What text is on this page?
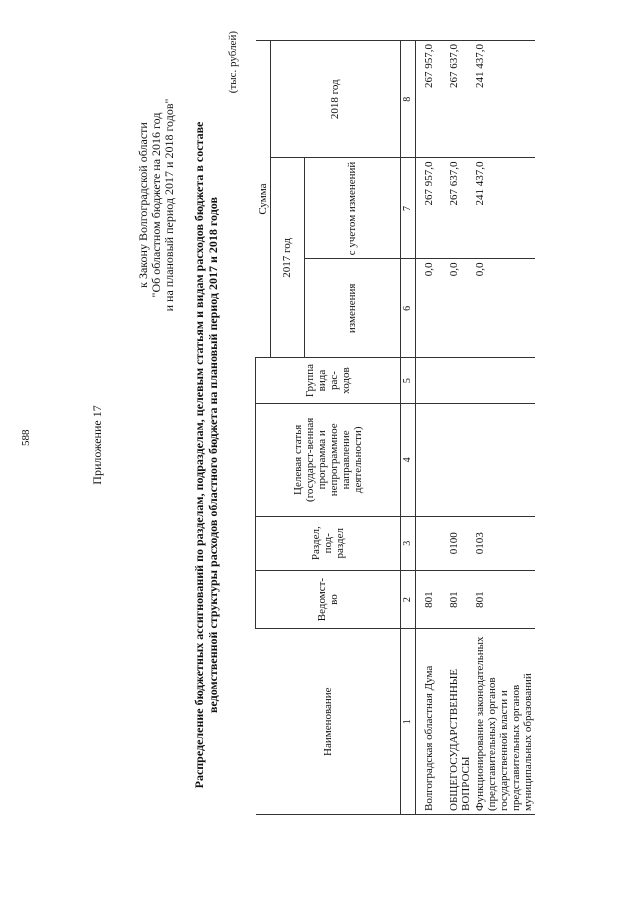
588	Приложение 17
к Закону Волгоградской области "Об областном бюджете на 2016 год и на плановый период 2017 и 2018 годов" Распределение бюджетных ассигнований по разделам, подразделам, целевым статьям и видам расходов бюджета в составе ведомственной структуры расходов областного бюджета на плановый период 2017 и 2018 годов
(тыс. рублей)
Наименование	Ведомст-во	Раздел, под-раздел	Целевая статья (государст-венная программа и непрограммное направление деятельности)	Группа вида рас-ходов	Сумма		
					2017 год		2018 год
					изменения	с учетом изменений	
1	2	3	4	5	6	7	8
Волгоградская областная Дума	801				0,0	267 957,0	267 957,0
ОБЩЕГОСУДАРСТВЕННЫЕ ВОПРОСЫ	801	0100			0,0	267 637,0	267 637,0
Функционирование законодательных (представительных) органов государственной власти и представительных органов муниципальных образований	801	0103			0,0	241 437,0	241 437,0
